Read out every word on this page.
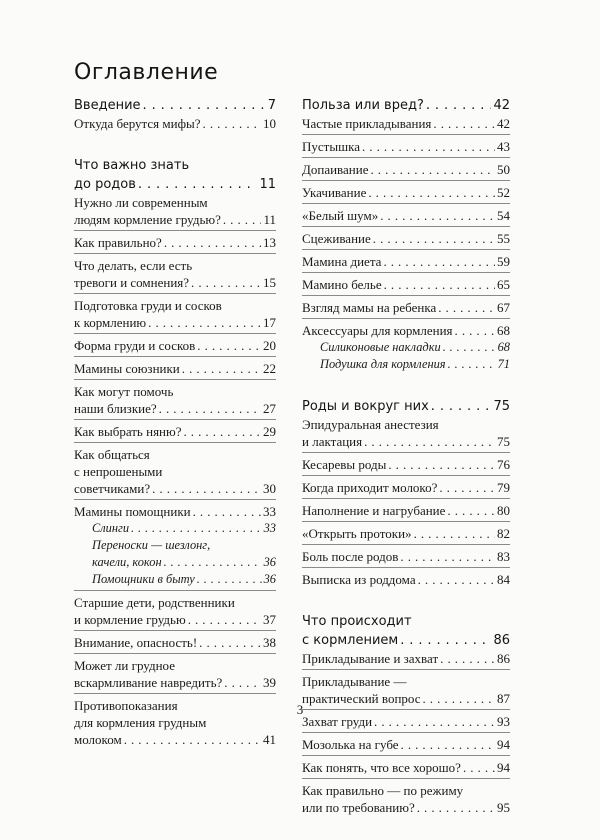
Оглавление
Введение . . .	7
Откуда берутся мифы? . . .	10
Что важно знать
до родов . . .	11
Нужно ли современным
людям кормление грудью? . . .	11
Как правильно? . . .	13
Что делать, если есть
тревоги и сомнения? . . .	15
Подготовка груди и сосков
к кормлению . . .	17
Форма груди и сосков . . .	20
Мамины союзники . . .	22
Как могут помочь
наши близкие? . . .	27
Как выбрать няню? . . .	29
Как общаться
с непрошеными
советчиками? . . .	30
Мамины помощники . . .	33
Слинги . . .	33
Переноски — шезлонг,
качели, кокон . . .	36
Помощники в быту . . .	36
Старшие дети, родственники
и кормление грудью . . .	37
Внимание, опасность! . . .	38
Может ли грудное
вскармливание навредить? . . .	39
Противопоказания
для кормления грудным
молоком . . .	41
Польза или вред? . . .	42
Частые прикладывания . . .	42
Пустышка . . .	43
Допаивание . . .	50
Укачивание . . .	52
«Белый шум» . . .	54
Сцеживание . . .	55
Мамина диета . . .	59
Мамино белье . . .	65
Взгляд мамы на ребенка . . .	67
Аксессуары для кормления . . .	68
Силиконовые накладки . . .	68
Подушка для кормления . . .	71
Роды и вокруг них . . .	75
Эпидуральная анестезия
и лактация . . .	75
Кесаревы роды . . .	76
Когда приходит молоко? . . .	79
Наполнение и нагрубание . . .	80
«Открыть протоки» . . .	82
Боль после родов . . .	83
Выписка из роддома . . .	84
Что происходит
с кормлением . . .	86
Прикладывание и захват . . .	86
Прикладывание —
практический вопрос . . .	87
Захват груди . . .	93
Мозолька на губе . . .	94
Как понять, что все хорошо? . . .	94
Как правильно — по режиму
или по требованию? . . .	95
3
